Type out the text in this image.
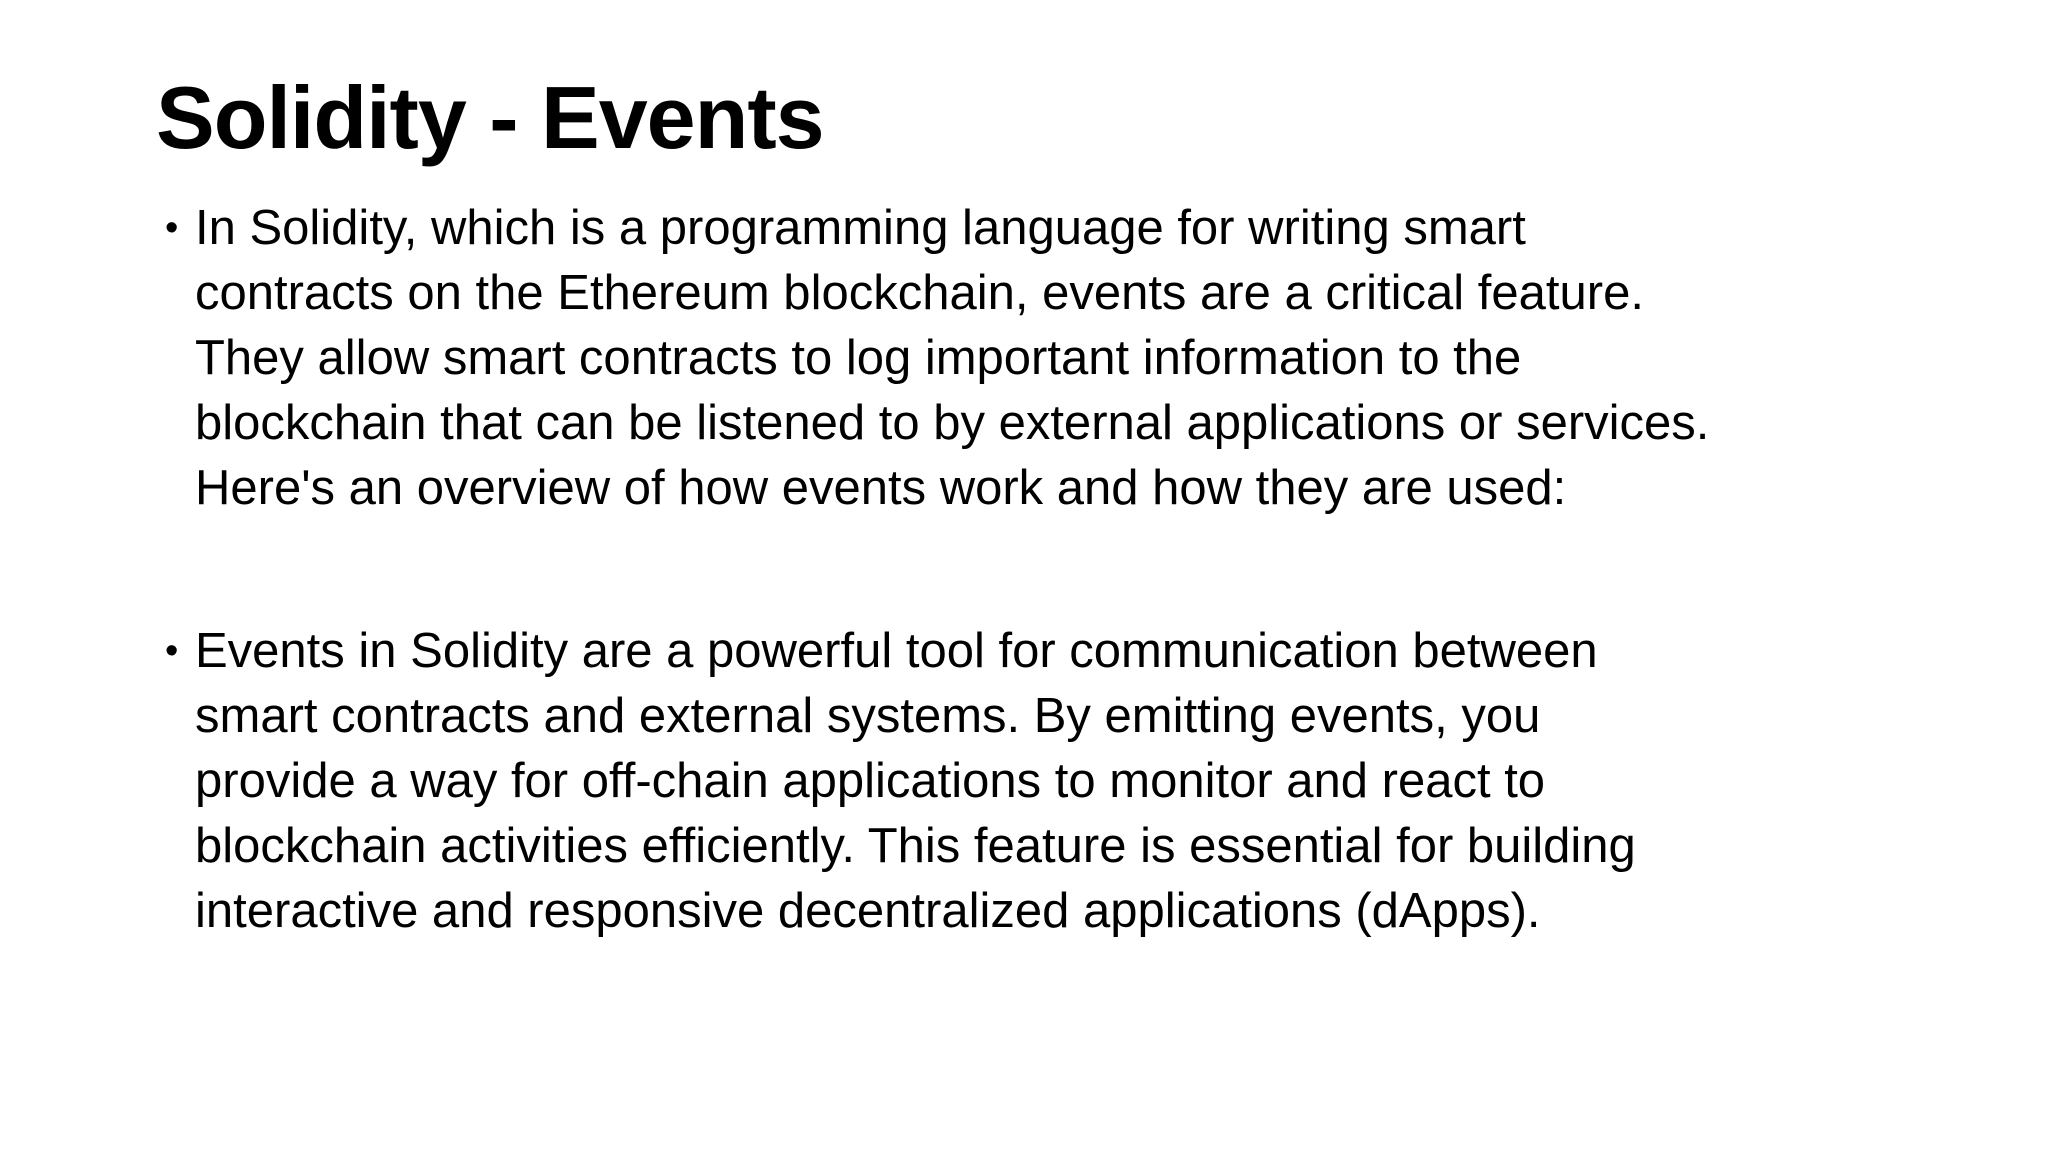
Solidity - Events
• In Solidity, which is a programming language for writing smart
contracts on the Ethereum blockchain, events are a critical feature.
They allow smart contracts to log important information to the
blockchain that can be listened to by external applications or services.
Here's an overview of how events work and how they are used:
• Events in Solidity are a powerful tool for communication between
smart contracts and external systems. By emitting events, you
provide a way for off-chain applications to monitor and react to
blockchain activities efficiently. This feature is essential for building
interactive and responsive decentralized applications (dApps).
